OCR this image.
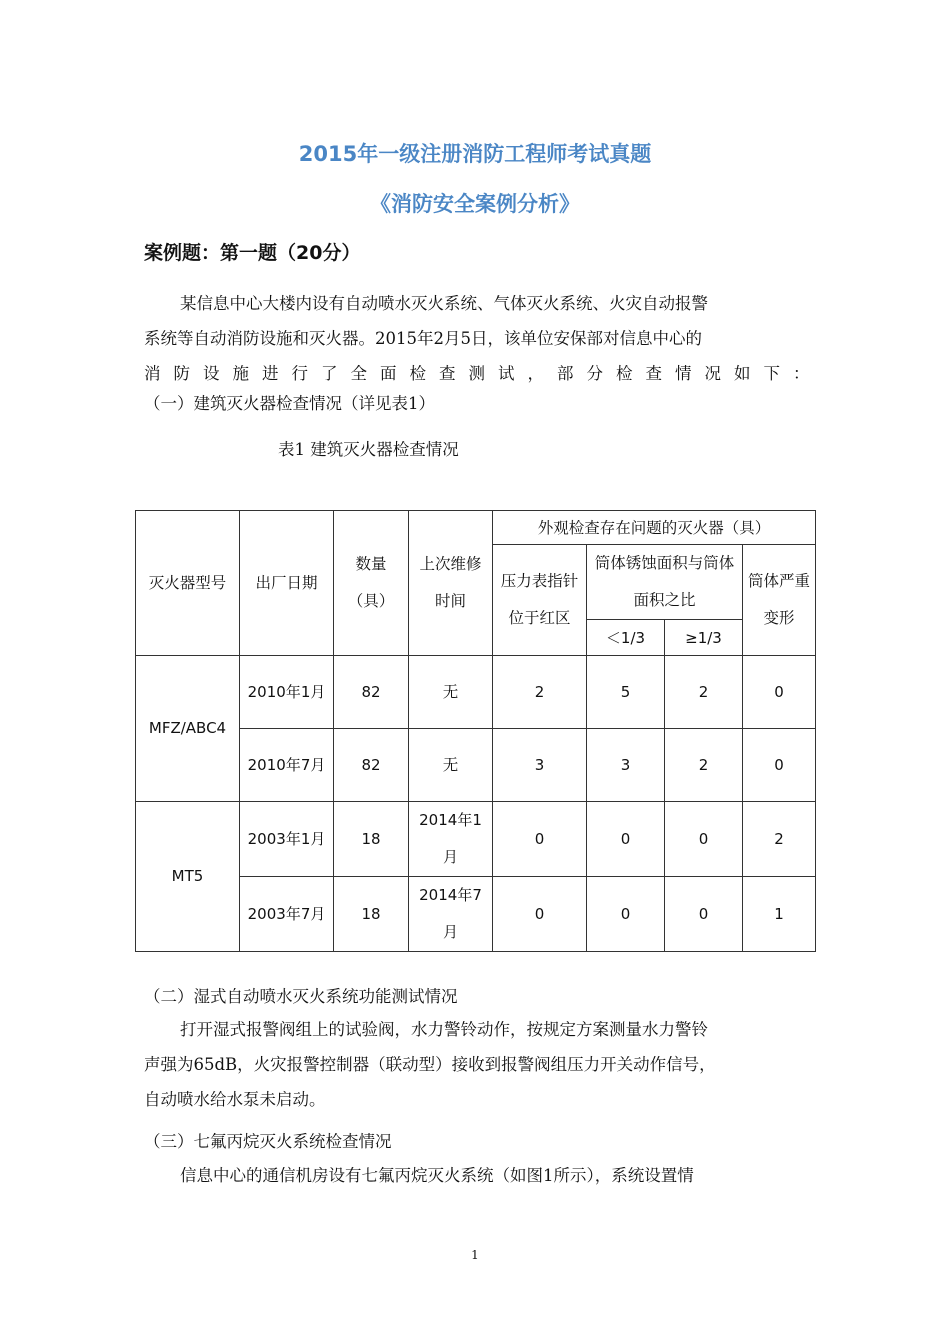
2015年一级注册消防工程师考试真题
《消防安全案例分析》
案例题：第一题（20分）
某信息中心大楼内设有自动喷水灭火系统、气体灭火系统、火灾自动报警
系统等自动消防设施和灭火器。2015年2月5日，该单位安保部对信息中心的
消防设施进行了全面检查测试，部分检查情况如下：
（一）建筑灭火器检查情况（详见表1）
表1 建筑灭火器检查情况
灭火器型号	出厂日期	数量（具）	上次维修时间	外观检查存在问题的灭火器（具）			
				压力表指针位于红区	筒体锈蚀面积与筒体面积之比		筒体严重变形
					＜1/3	≥1/3	
MFZ/ABC4	2010年1月	82	无	2	5	2	0
	2010年7月	82	无	3	3	2	0
MT5	2003年1月	18	2014年1月	0	0	0	2
	2003年7月	18	2014年7月	0	0	0	1
（二）湿式自动喷水灭火系统功能测试情况
打开湿式报警阀组上的试验阀，水力警铃动作，按规定方案测量水力警铃
声强为65dB，火灾报警控制器（联动型）接收到报警阀组压力开关动作信号，
自动喷水给水泵未启动。
（三）七氟丙烷灭火系统检查情况
信息中心的通信机房设有七氟丙烷灭火系统（如图1所示），系统设置情
1
